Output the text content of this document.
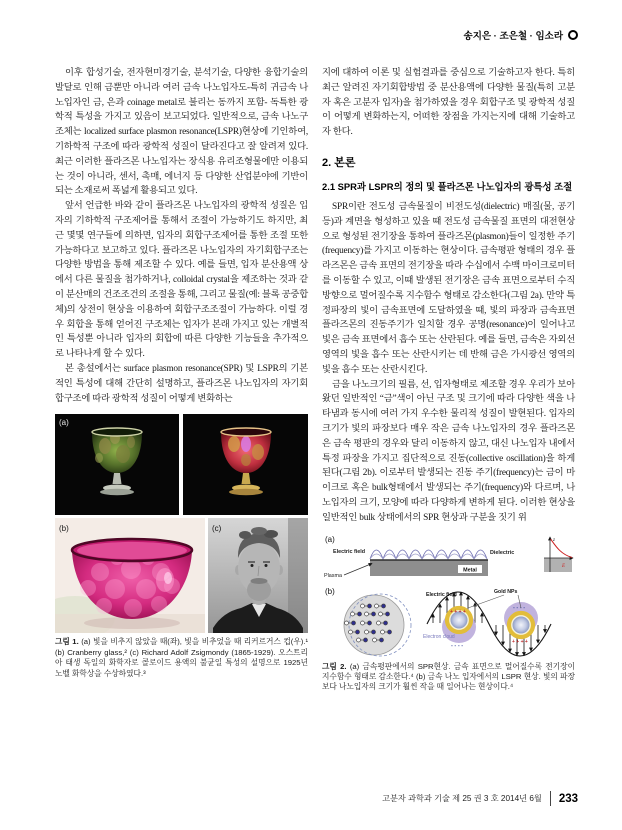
송지은 · 조은철 · 임소라

이후 합성기술, 전자현미경기술, 분석기술, 다양한 융합기술의 발달로 인해 금뿐만 아니라 여러 금속 나노입자도-특히 귀금속 나노입자인 금, 은과 coinage metal로 불리는 동까지 포함- 독특한 광학적 특성을 가지고 있음이 보고되었다. 일반적으로, 금속 나노구조체는 localized surface plasmon resonance(LSPR)현상에 기인하여, 기하학적 구조에 따라 광학적 성질이 달라진다고 잘 알려져 있다. 최근 이러한 플라즈몬 나노입자는 장식용 유리조형물에만 이용되는 것이 아니라, 센서, 촉매, 에너지 등 다양한 산업분야에 기반이 되는 소재로써 폭넓게 활용되고 있다.

앞서 언급한 바와 같이 플라즈몬 나노입자의 광학적 성질은 입자의 기하학적 구조제어를 통해서 조절이 가능하기도 하지만, 최근 몇몇 연구들에 의하면, 입자의 회합구조제어를 통한 조절 또한 가능하다고 보고하고 있다. 플라즈몬 나노입자의 자기회합구조는 다양한 방법을 통해 제조할 수 있다. 예를 들면, 입자 분산용액 상에서 다른 물질을 첨가하거나, colloidal crystal을 제조하는 것과 같이 분산매의 건조조건의 조절을 통해, 그리고 물질(예: 블록 공중합체)의 상전이 현상을 이용하여 회합구조조절이 가능하다. 이럴 경우 회합을 통해 얻어진 구조체는 입자가 본래 가지고 있는 개별적인 특성뿐 아니라 입자의 회합에 따른 다양한 기능들을 추가적으로 나타나게 할 수 있다.

본 총설에서는 surface plasmon resonance(SPR) 및 LSPR의 기본적인 특성에 대해 간단히 설명하고, 플라즈몬 나노입자의 자기회합구조에 따라 광학적 성질이 어떻게 변화하는

(a)
(b)	(c)
그림 1. (a) 빛을 비추지 않았을 때(좌), 빛을 비추었을 때 리커르거스 컵(우).¹ (b) Cranberry glass,² (c) Richard Adolf Zsigmondy (1865-1929). 오스트리아 태생 독일의 화학자로 콜로이드 용액의 불균일 특성의 설명으로 1925년 노벨 화학상을 수상하였다.³

지에 대하여 이론 및 실험결과를 중심으로 기술하고자 한다. 특히 최근 알려진 자기회합방법 중 분산용액에 다양한 물질(특히 고분자 혹은 고분자 입자)을 첨가하였을 경우 회합구조 및 광학적 성질이 어떻게 변화하는지, 어떠한 장점을 가지는지에 대해 기술하고자 한다.

2. 본론
2.1 SPR과 LSPR의 정의 및 플라즈몬 나노입자의 광특성 조절

SPR이란 전도성 금속물질이 비전도성(dielectric) 매질(물, 공기 등)과 계면을 형성하고 있을 때 전도성 금속물질 표면의 대전현상으로 형성된 전기장을 통하여 플라즈몬(plasmon)들이 일정한 주기(frequency)를 가지고 이동하는 현상이다. 금속평판 형태의 경우 플라즈몬은 금속 표면의 전기장을 따라 수십에서 수백 마이크로미터를 이동할 수 있고, 이때 발생된 전기장은 금속 표면으로부터 수직방향으로 멀어질수록 지수함수 형태로 감소한다(그림 2a). 만약 특정파장의 빛이 금속표면에 도달하였을 때, 빛의 파장과 금속표면 플라즈몬의 진동주기가 일치할 경우 공명(resonance)이 일어나고 빛은 금속 표면에서 흡수 또는 산란된다. 예를 들면, 금속은 자외선 영역의 빛을 흡수 또는 산란시키는 데 반해 금은 가시광선 영역의 빛을 흡수 또는 산란시킨다.

금을 나노크기의 필름, 선, 입자형태로 제조할 경우 우리가 보아 왔던 일반적인 “금”색이 아닌 구조 및 크기에 따라 다양한 색을 나타냄과 동시에 여러 가지 우수한 물리적 성질이 발현된다. 입자의 크기가 빛의 파장보다 매우 작은 금속 나노입자의 경우 플라즈몬은 금속 평판의 경우와 달리 이동하지 않고, 대신 나노입자 내에서 특정 파장을 가지고 집단적으로 진동(collective oscillation)을 하게 된다(그림 2b). 이로부터 발생되는 진동 주기(frequency)는 금이 마이크로 혹은 bulk형태에서 발생되는 주기(frequency)와 다르며, 나노입자의 크기, 모양에 따라 다양하게 변하게 된다. 이러한 현상을 일반적인 bulk 상태에서의 SPR 현상과 구분을 짓기 위

(a)
Electric field
Metal
Plasma
Dielectric
z
E
(b)
+ + + +
- - - -
- - - -
+ + + +
Electric field	Gold NPs
Electron cloud
그림 2. (a) 금속평판에서의 SPR현상. 금속 표면으로 멀어질수록 전기장이 지수함수 형태로 감소한다.⁴ (b) 금속 나노 입자에서의 LSPR 현상. 빛의 파장보다 나노입자의 크기가 훨씬 작을 때 일어나는 현상이다.⁴
고분자 과학과 기술 제 25 권 3 호 2014년 6월 233
